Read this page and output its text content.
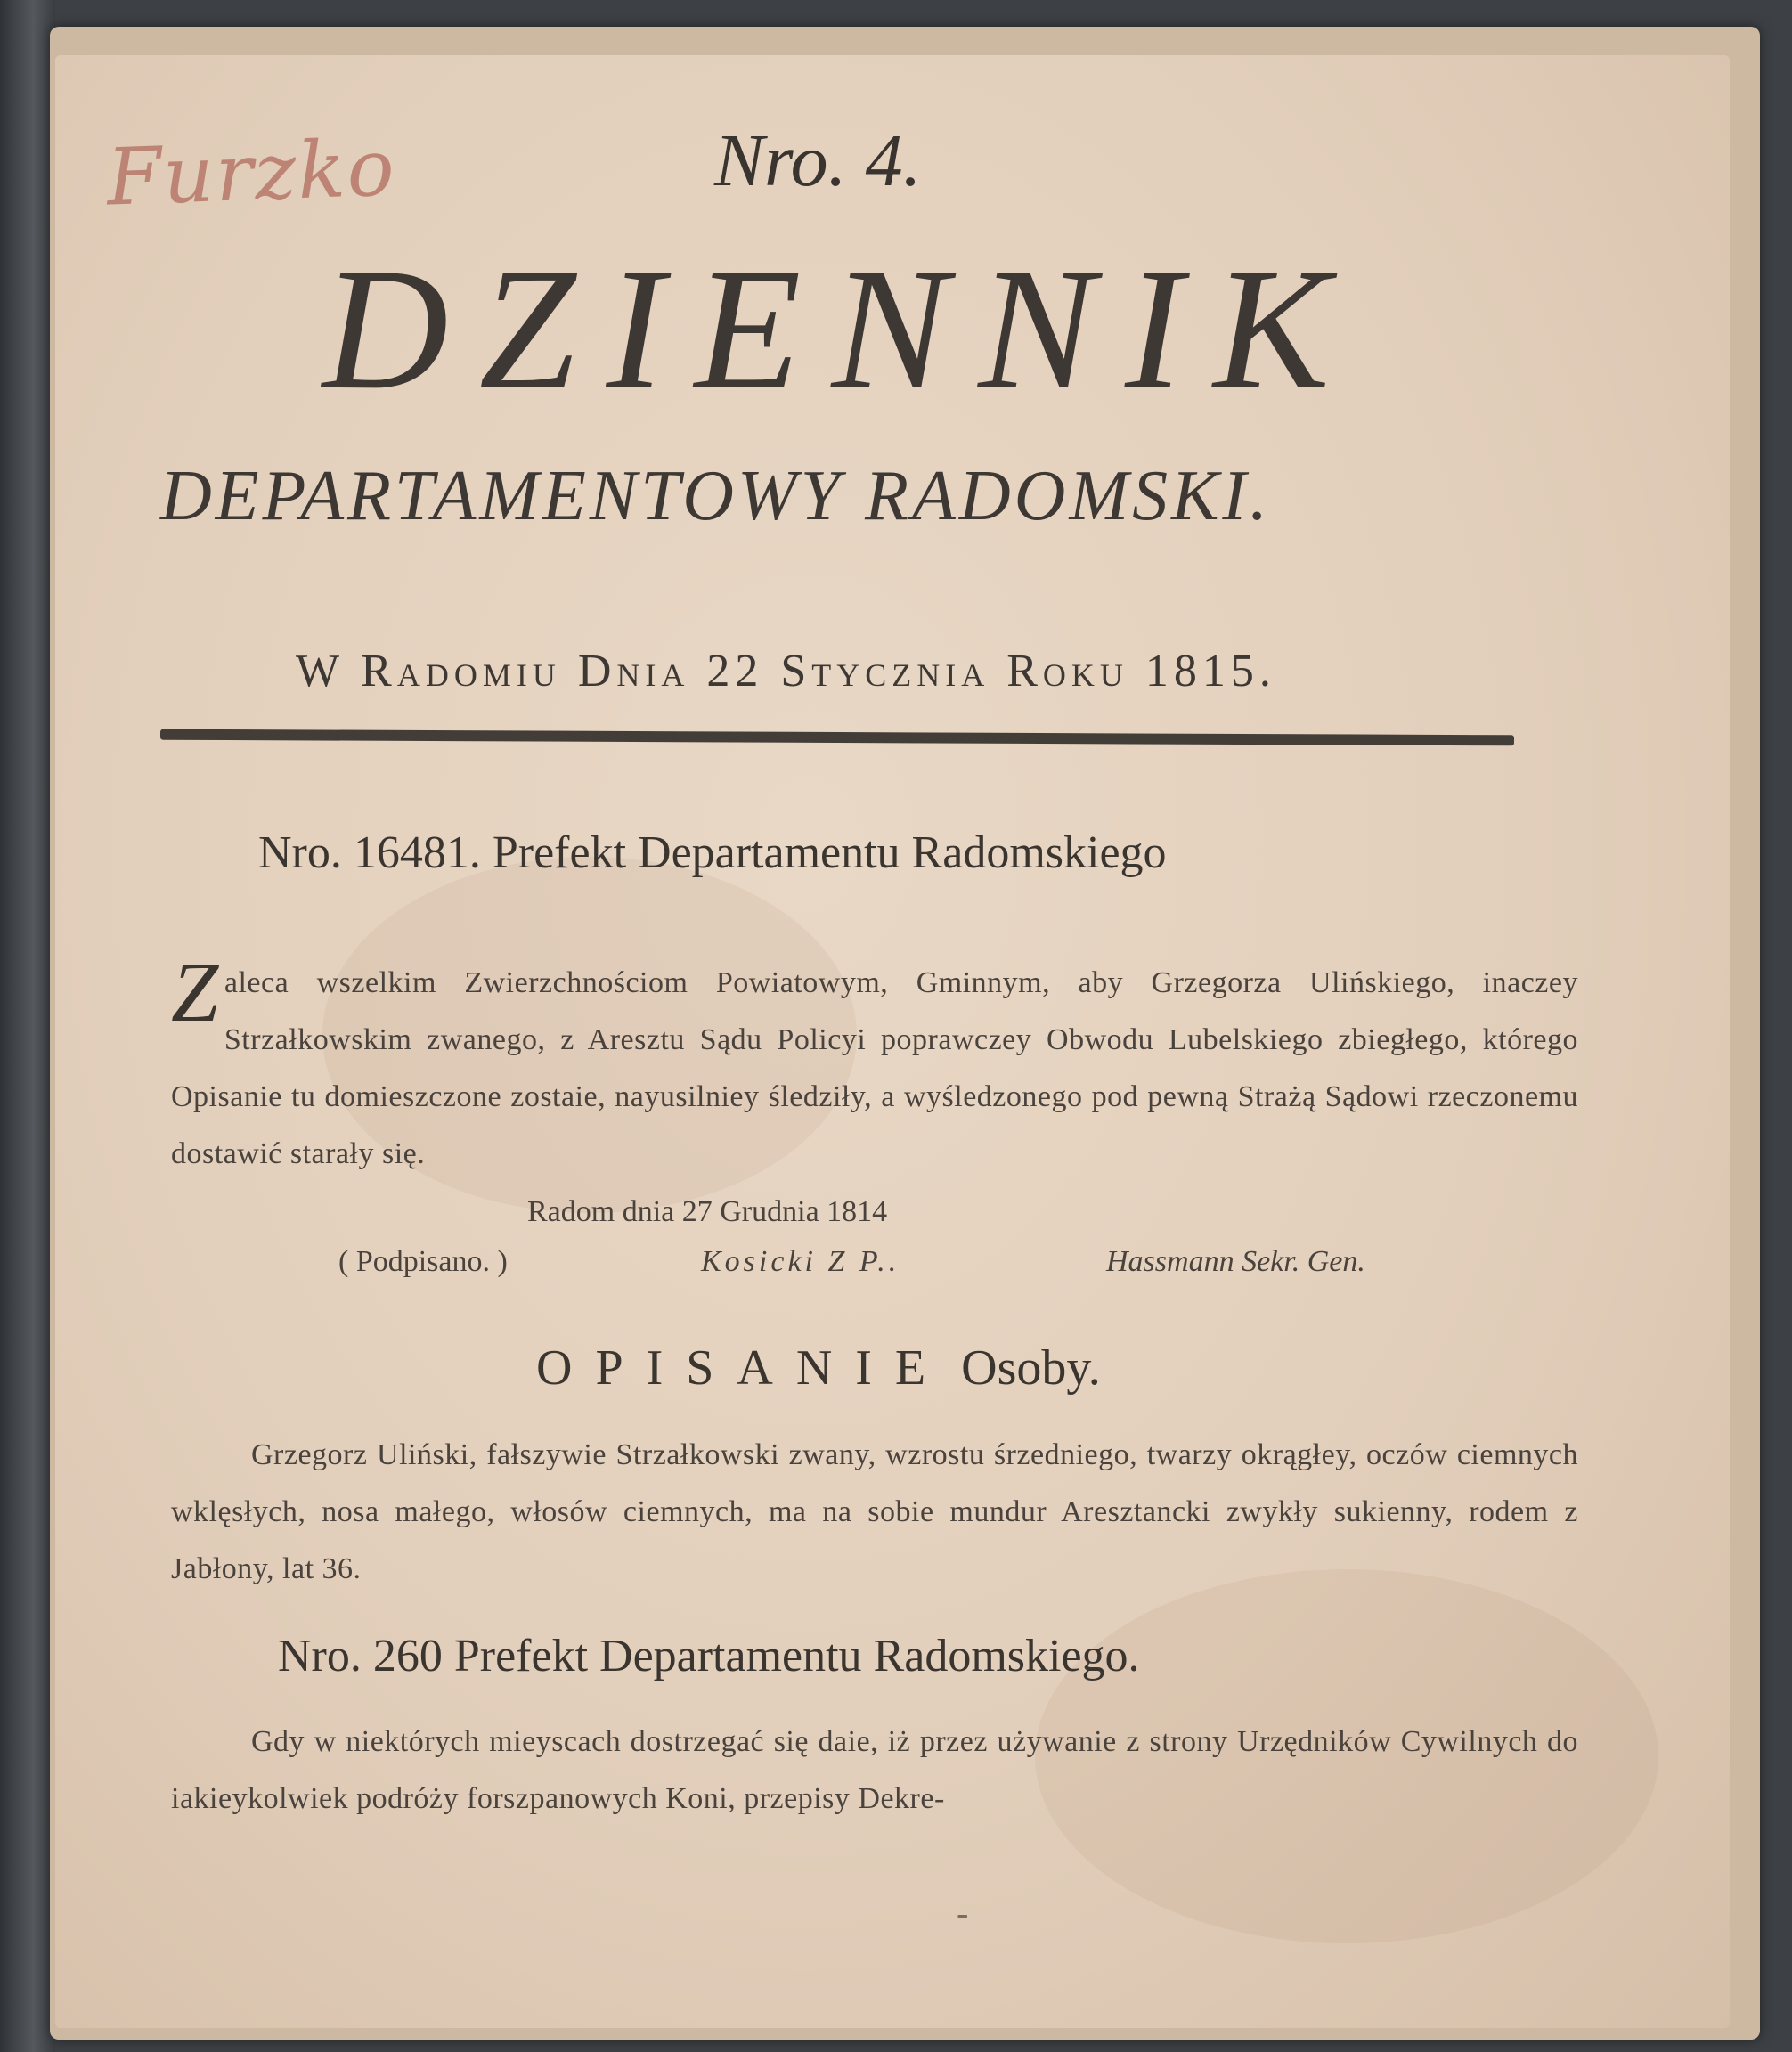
Furzko	Nro. 4.
DZIENNIK
DEPARTAMENTOWY RADOMSKI.
W Radomiu Dnia 22 Stycznia Roku 1815.
Nro. 16481. Prefekt Departamentu Radomskiego
Zaleca wszelkim Zwierzchnościom Powiatowym, Gminnym, aby Grzegorza Ulińskiego, inaczey Strzałkowskim zwanego, z Aresztu Sądu Policyi poprawczey Obwodu Lubelskiego zbiegłego, którego Opisanie tu domieszczone zostaie, nayusilniey śledziły, a wyśledzonego pod pewną Strażą Sądowi rzeczonemu dostawić starały się.
Radom dnia 27 Grudnia 1814
( Podpisano. )	Kosicki Z P..	Hassmann Sekr. Gen.
OPISANIE Osoby.
Grzegorz Uliński, fałszywie Strzałkowski zwany, wzrostu śrzedniego, twarzy okrągłey, oczów ciemnych wklęsłych, nosa małego, włosów ciemnych, ma na sobie mundur Aresztancki zwykły sukienny, rodem z Jabłony, lat 36.
Nro. 260 Prefekt Departamentu Radomskiego.
Gdy w niektórych mieyscach dostrzegać się daie, iż przez używanie z strony Urzędników Cywilnych do iakieykolwiek podróży forszpanowych Koni, przepisy Dekre-
-
